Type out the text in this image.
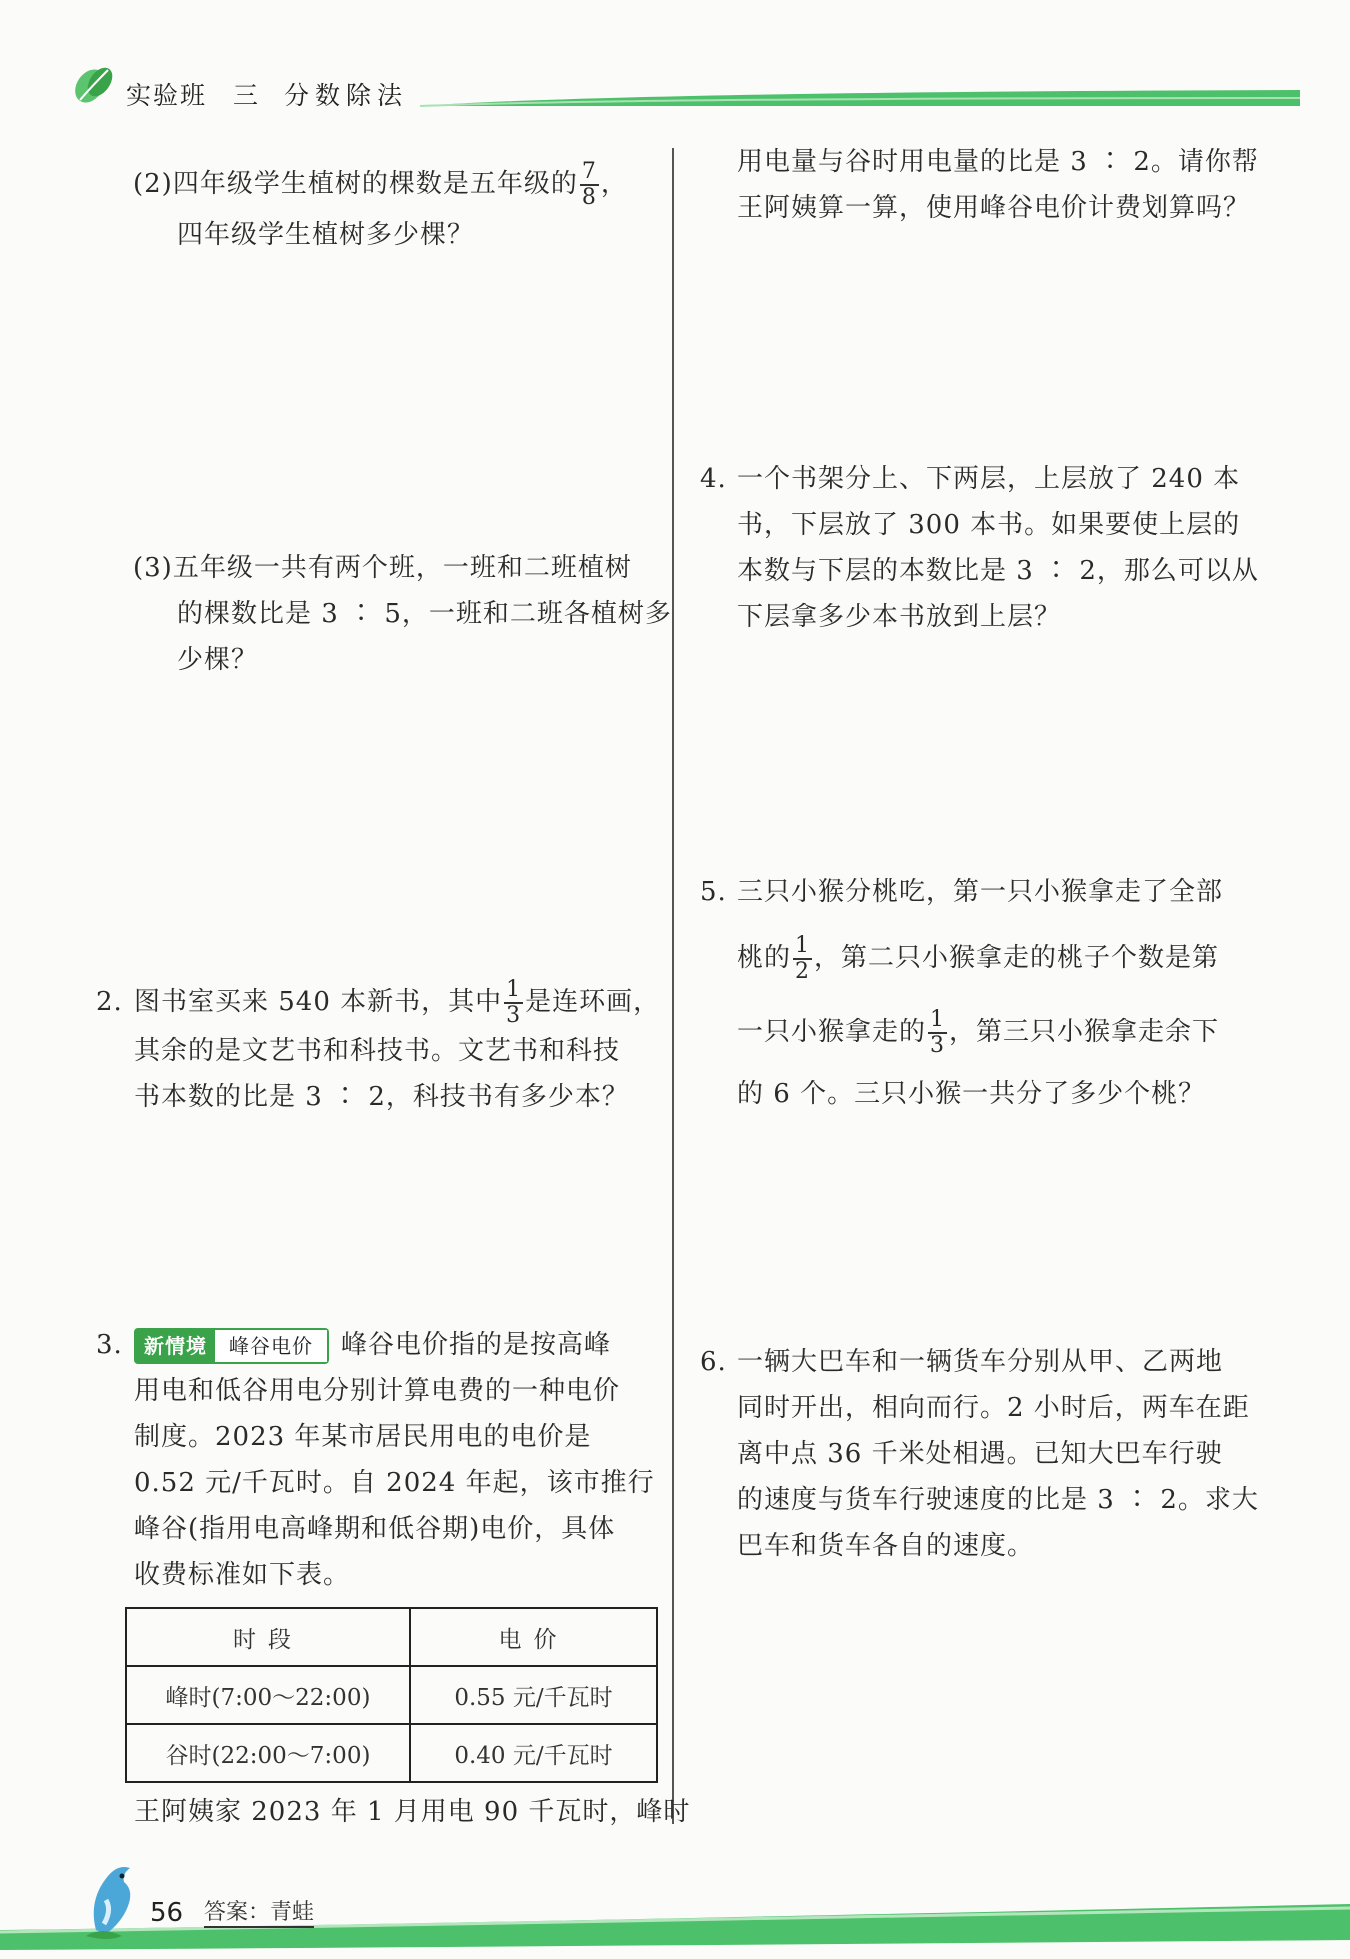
实验班 三 分数除法
(2)四年级学生植树的棵数是五年级的 $\frac{7}{8}$ ，
四年级学生植树多少棵？
(3)五年级一共有两个班，一班和二班植树
的棵数比是 3 ∶ 5，一班和二班各植树多
少棵？
2. 图书室买来 540 本新书，其中 $\frac{1}{3}$ 是连环画，
其余的是文艺书和科技书。文艺书和科技
书本数的比是 3 ∶ 2，科技书有多少本？
3.	新情境	峰谷电价	峰谷电价指的是按高峰
用电和低谷用电分别计算电费的一种电价
制度。2023 年某市居民用电的电价是
0.52 元/千瓦时。自 2024 年起，该市推行
峰谷(指用电高峰期和低谷期)电价，具体
收费标准如下表。
时段	电价
峰时(7:00～22:00)	0.55 元/千瓦时
谷时(22:00～7:00)	0.40 元/千瓦时
王阿姨家 2023 年 1 月用电 90 千瓦时，峰时
用电量与谷时用电量的比是 3 ∶ 2。请你帮
王阿姨算一算，使用峰谷电价计费划算吗？
4. 一个书架分上、下两层，上层放了 240 本
书，下层放了 300 本书。如果要使上层的
本数与下层的本数比是 3 ∶ 2，那么可以从
下层拿多少本书放到上层？
5. 三只小猴分桃吃，第一只小猴拿走了全部
桃的 $\frac{1}{2}$ ，第二只小猴拿走的桃子个数是第
一只小猴拿走的 $\frac{1}{3}$ ，第三只小猴拿走余下
的 6 个。三只小猴一共分了多少个桃？
6. 一辆大巴车和一辆货车分别从甲、乙两地
同时开出，相向而行。2 小时后，两车在距
离中点 36 千米处相遇。已知大巴车行驶
的速度与货车行驶速度的比是 3 ∶ 2。求大
巴车和货车各自的速度。
56 答案：青蛙
